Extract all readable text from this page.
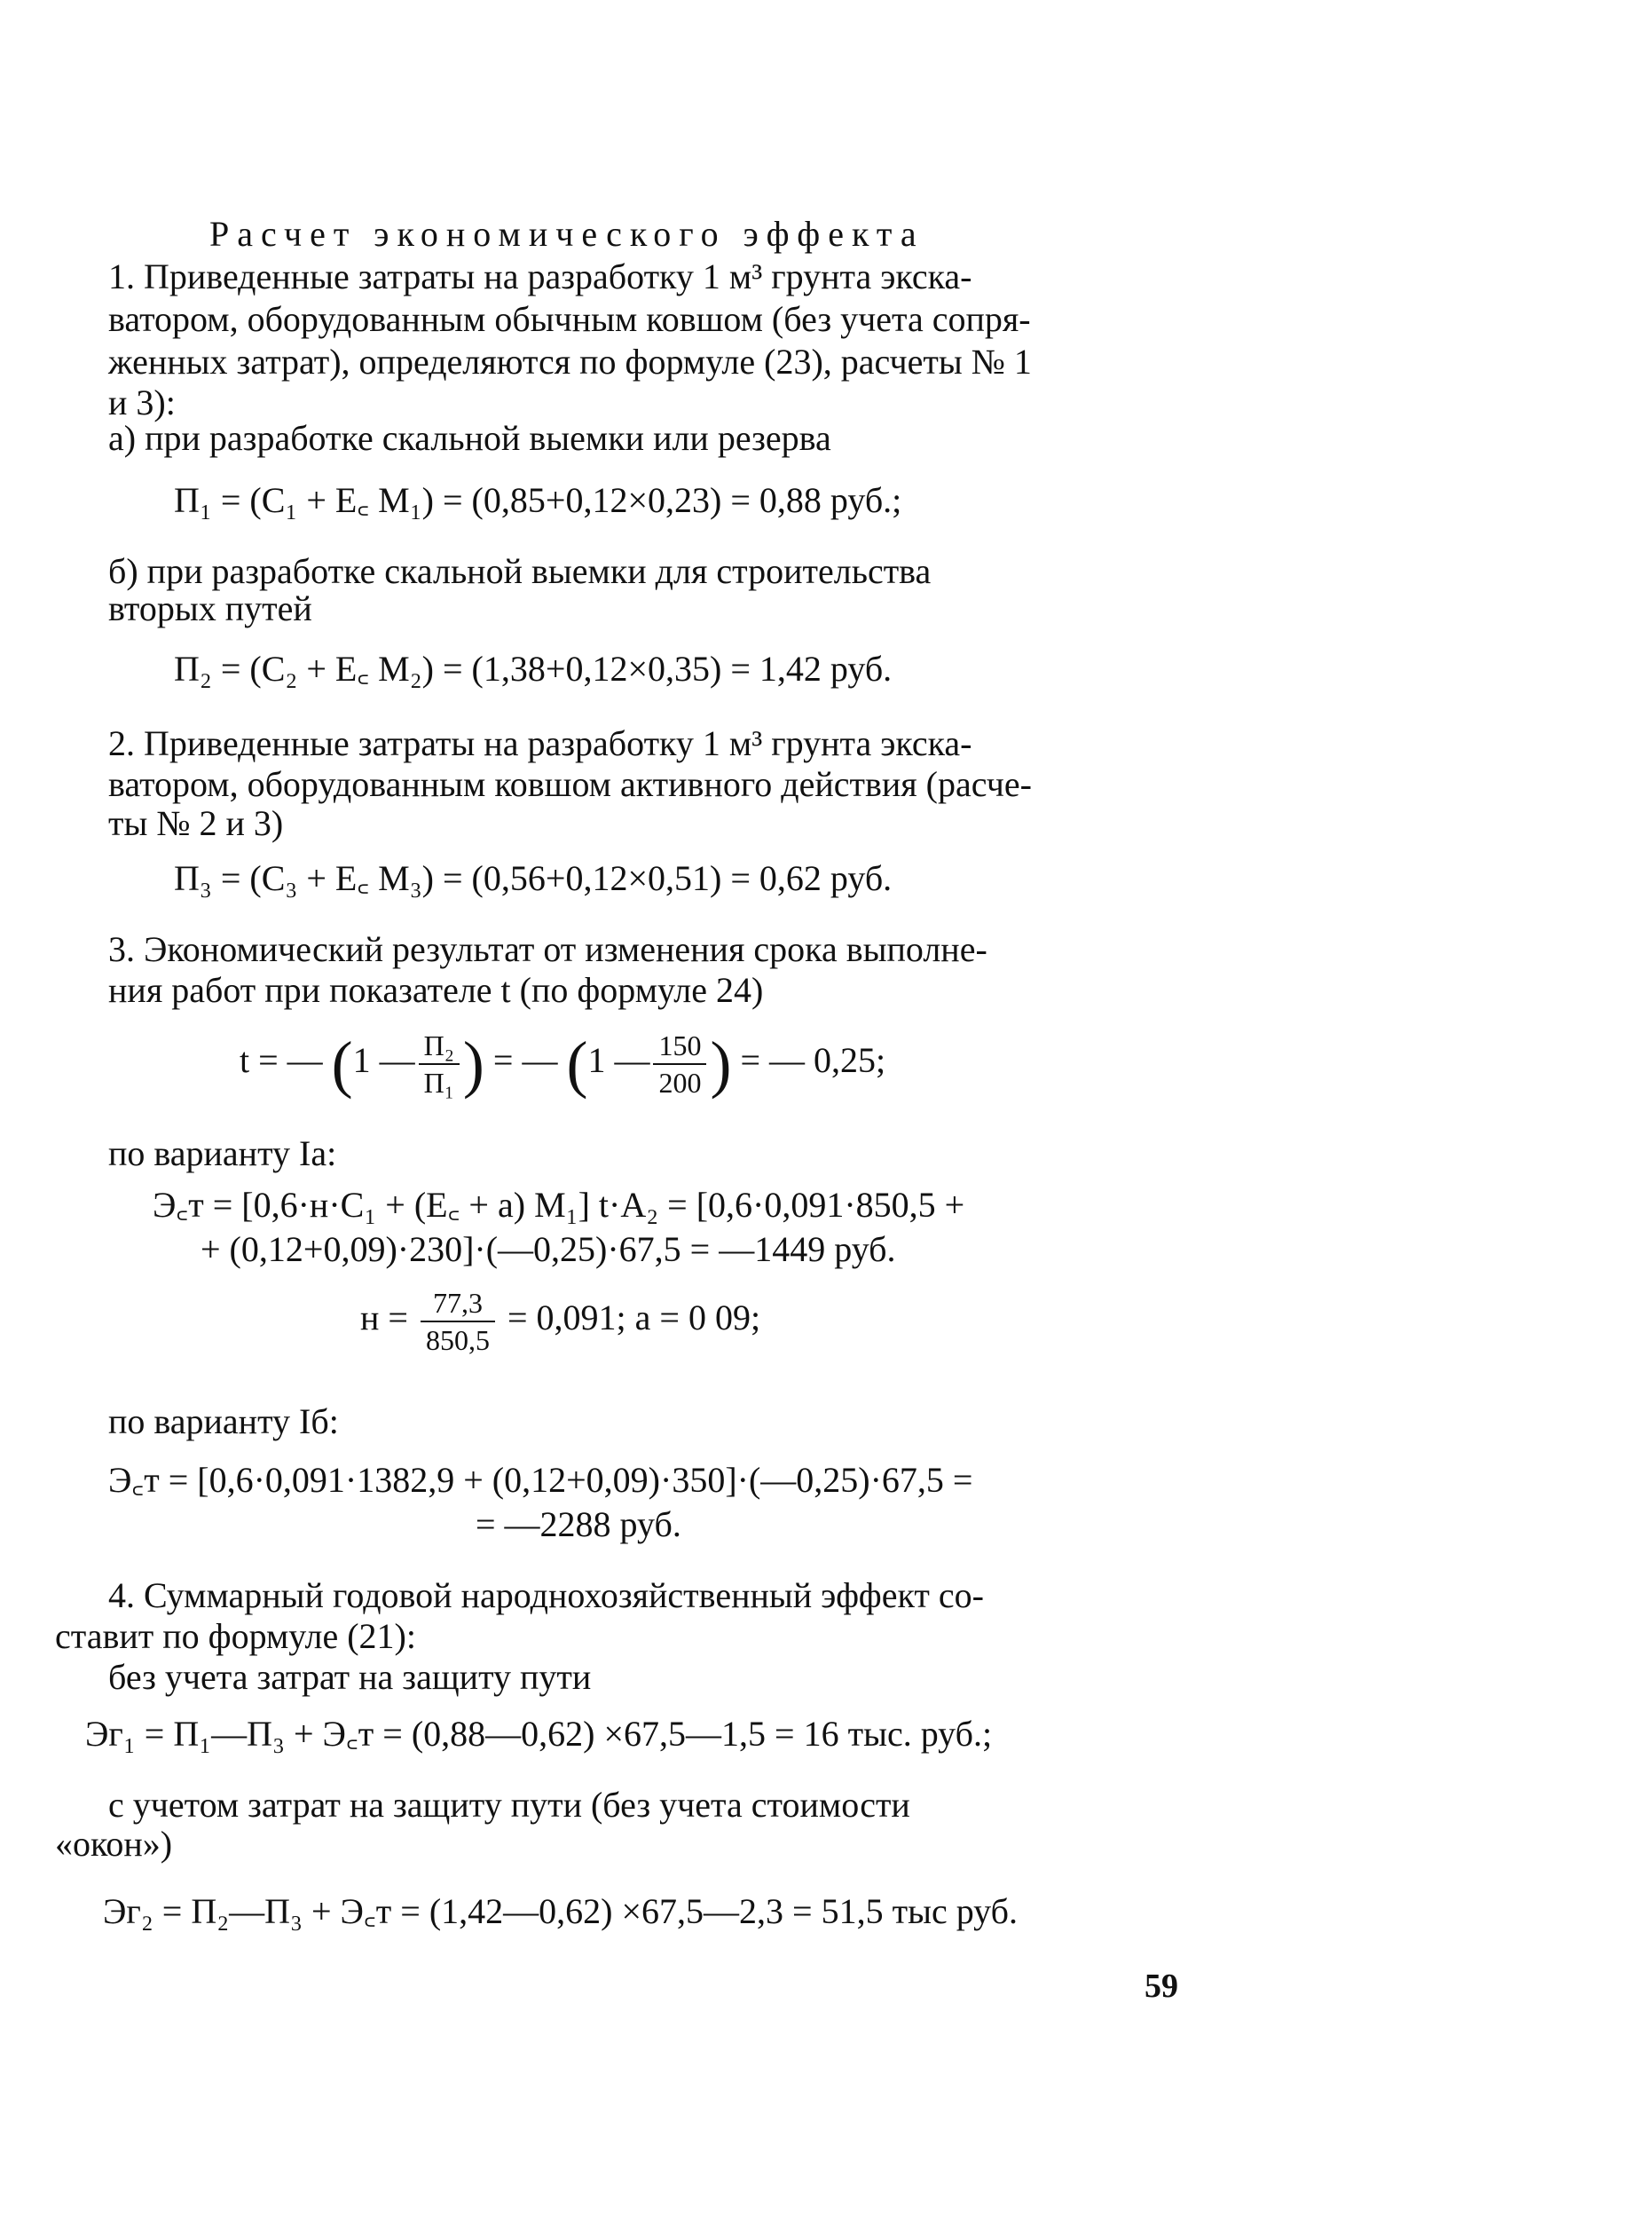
Расчет экономического эффекта
1. Приведенные затраты на разработку 1 м³ грунта экска-
ватором, оборудованным обычным ковшом (без учета сопря-
женных затрат), определяются по формуле (23), расчеты № 1
и 3):
а) при разработке скальной выемки или резерва
П₁ = (С₁ + Е꜀ М₁) = (0,85+0,12×0,23) = 0,88 руб.;
б) при разработке скальной выемки для строительства
вторых путей
П₂ = (С₂ + Е꜀ М₂) = (1,38+0,12×0,35) = 1,42 руб.
2. Приведенные затраты на разработку 1 м³ грунта экска-
ватором, оборудованным ковшом активного действия (расче-
ты № 2 и 3)
П₃ = (С₃ + Е꜀ М₃) = (0,56+0,12×0,51) = 0,62 руб.
3. Экономический результат от изменения срока выполне-
ния работ при показателе t (по формуле 24)
t = — (1 — $\frac{\text{П₂}}{\text{П₁}}$ ) = — (1 — $\frac{150}{200}$ ) = — 0,25;
по варианту Iа:
Э꜀т = [0,6·н·С₁ + (Е꜀ + а) М₁] t·А₂ = [0,6·0,091·850,5 +
+ (0,12+0,09)·230]·(—0,25)·67,5 = —1449 руб.
$н = \frac{77,3}{850,5} = 0,091$; а = 0 09;
по варианту Iб:
Э꜀т = [0,6·0,091·1382,9 + (0,12+0,09)·350]·(—0,25)·67,5 =
= —2288 руб.
4. Суммарный годовой народнохозяйственный эффект со-
ставит по формуле (21):
без учета затрат на защиту пути
Эг₁ = П₁—П₃ + Э꜀т = (0,88—0,62) ×67,5—1,5 = 16 тыс. руб.;
с учетом затрат на защиту пути (без учета стоимости
«окон»)
Эг₂ = П₂—П₃ + Э꜀т = (1,42—0,62) ×67,5—2,3 = 51,5 тыс руб.
59
